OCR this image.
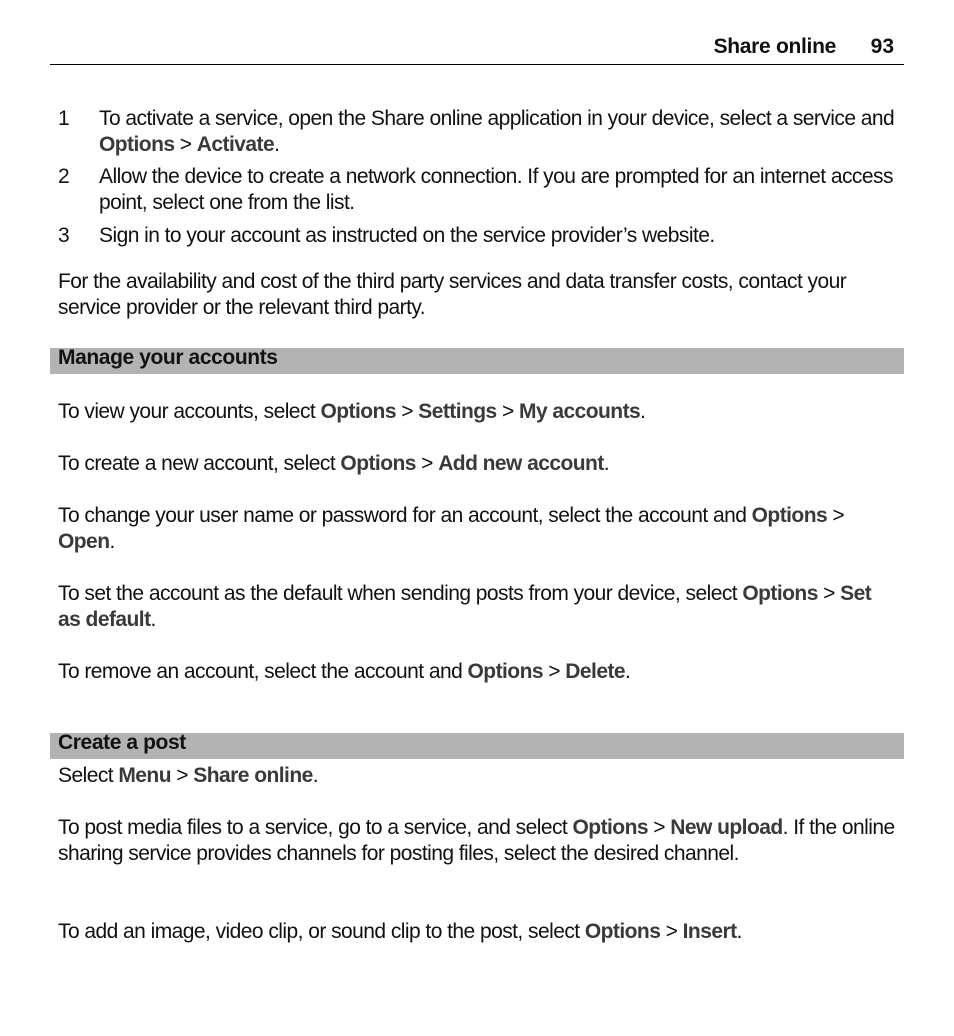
Share online 93
1	To activate a service, open the Share online application in your device, select a service and Options > Activate.
2	Allow the device to create a network connection. If you are prompted for an internet access point, select one from the list.
3	Sign in to your account as instructed on the service provider’s website.
For the availability and cost of the third party services and data transfer costs, contact your service provider or the relevant third party.
Manage your accounts
To view your accounts, select Options > Settings > My accounts.
To create a new account, select Options > Add new account.
To change your user name or password for an account, select the account and Options > Open.
To set the account as the default when sending posts from your device, select Options > Set as default.
To remove an account, select the account and Options > Delete.
Create a post
Select Menu > Share online.
To post media files to a service, go to a service, and select Options > New upload. If the online sharing service provides channels for posting files, select the desired channel.
To add an image, video clip, or sound clip to the post, select Options > Insert.
